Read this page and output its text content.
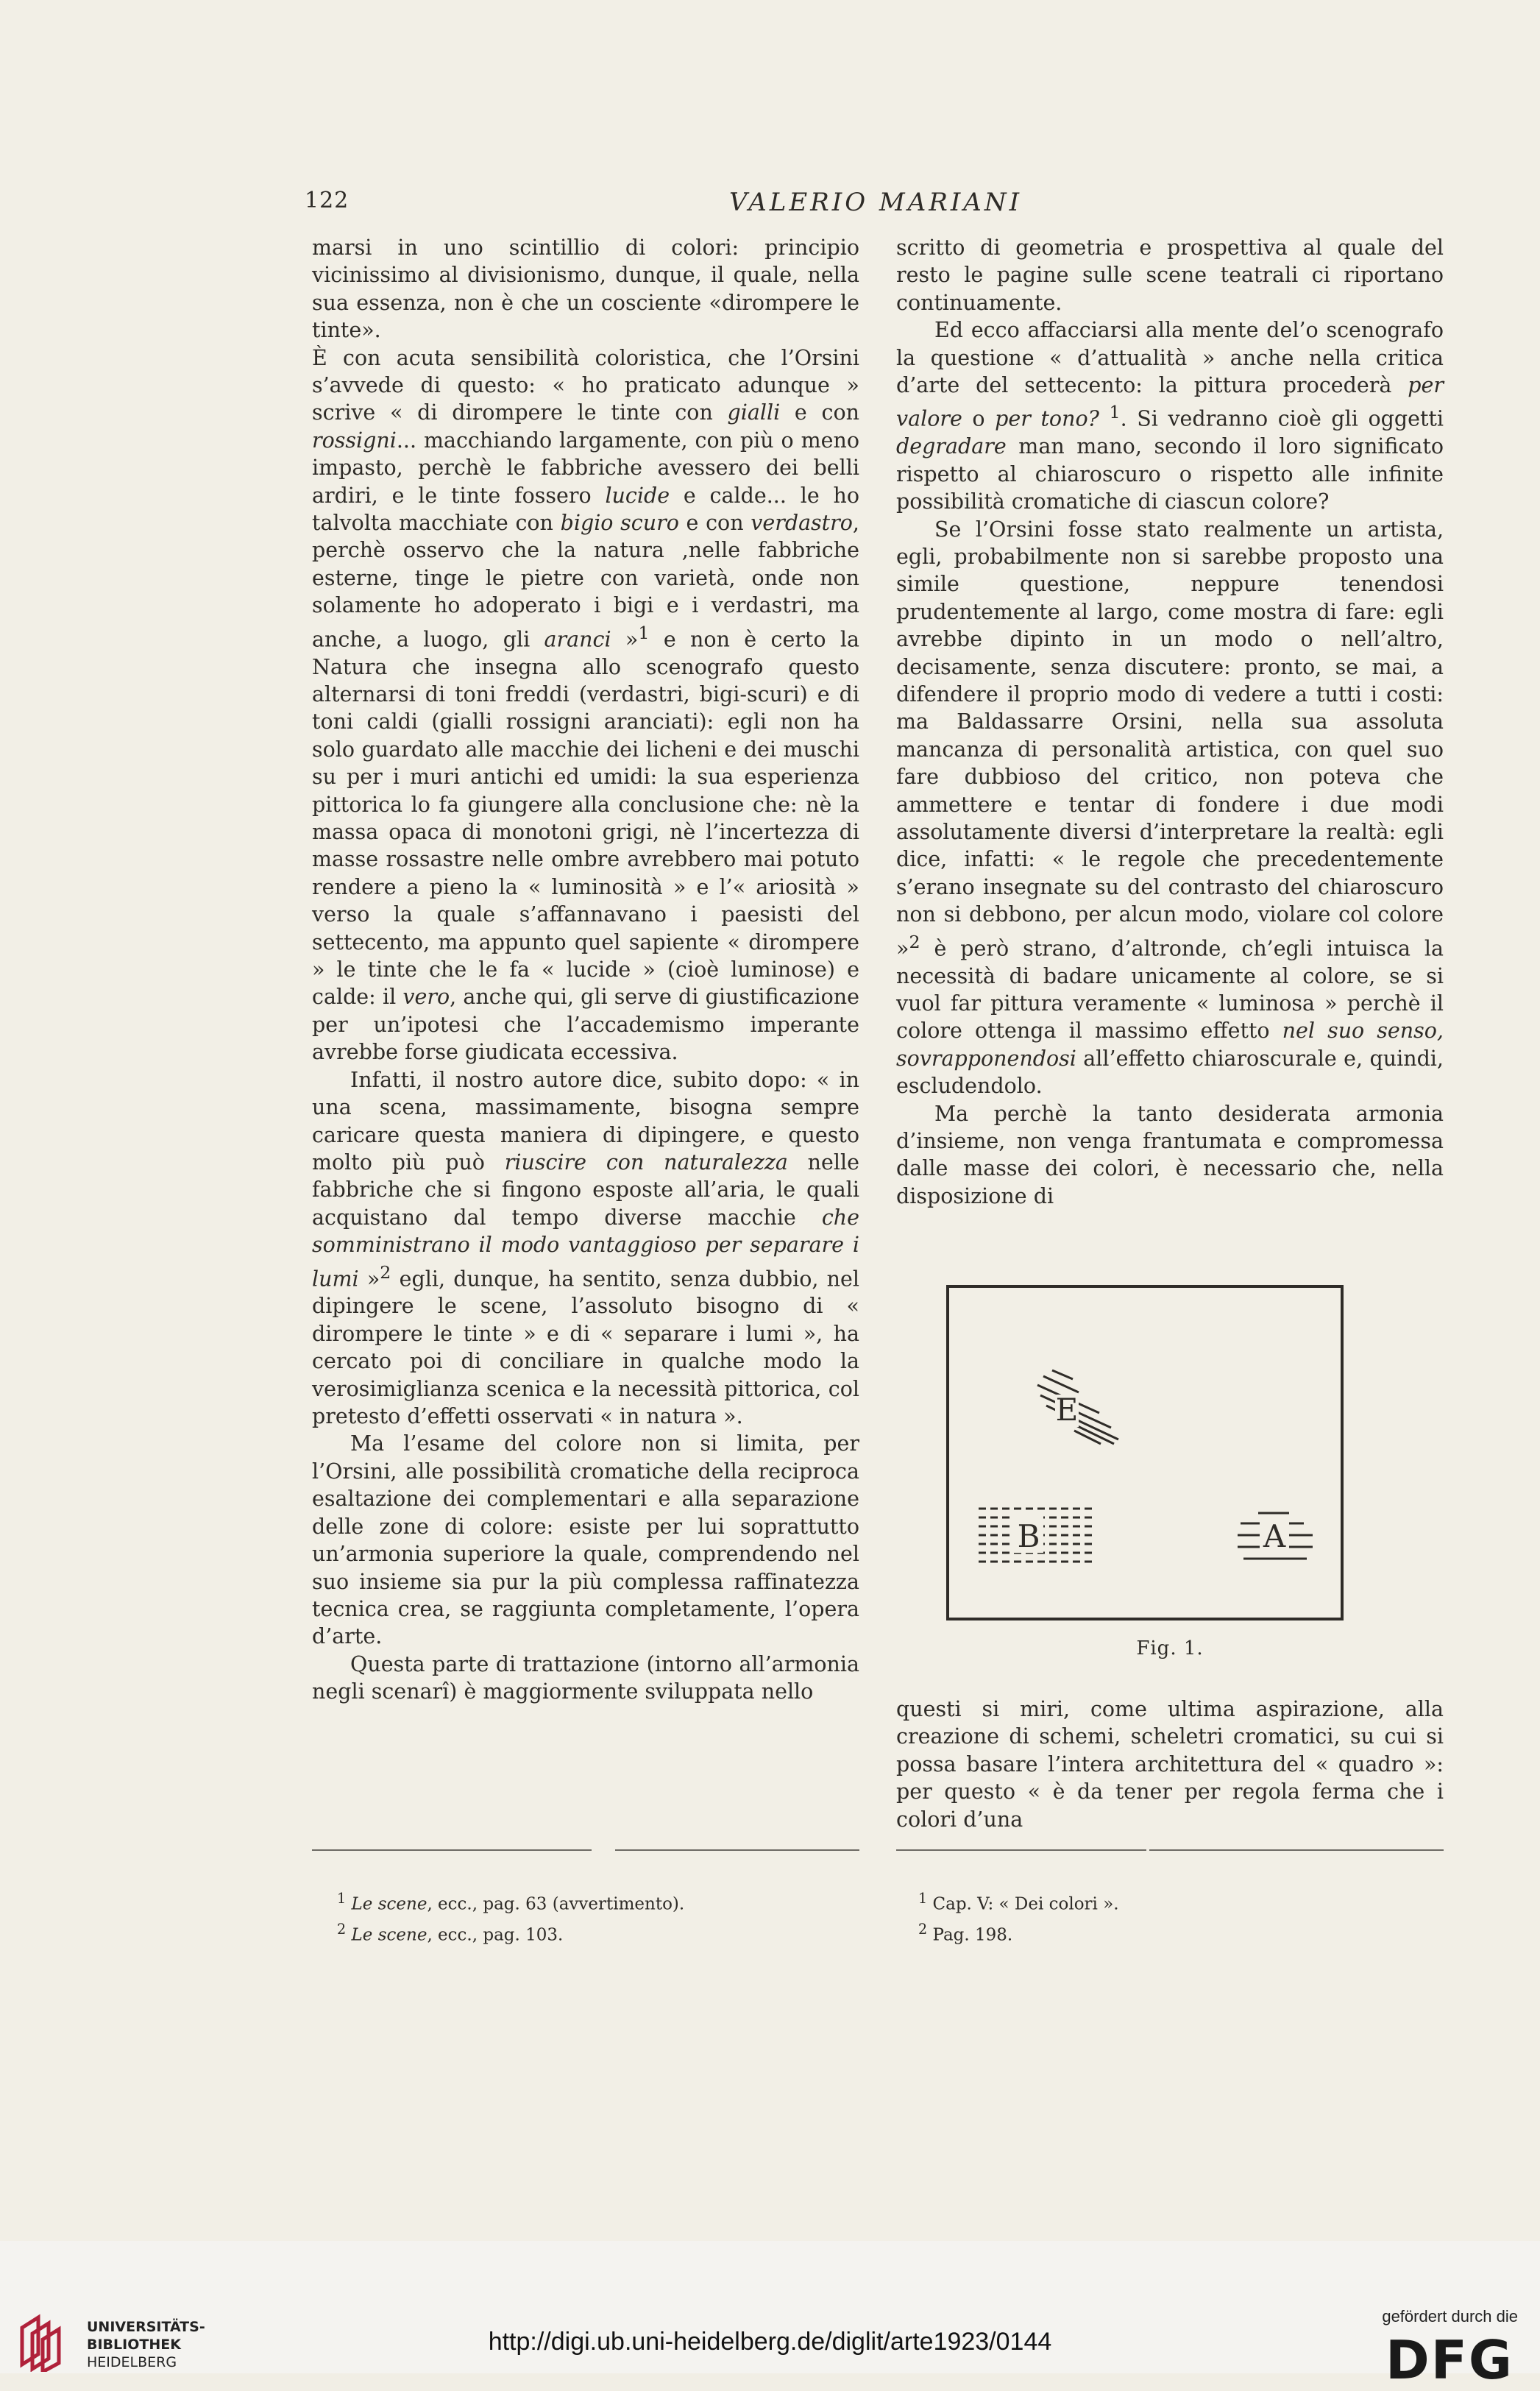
122	VALERIO MARIANI

marsi in uno scintillio di colori: principio vicinissimo al divisionismo, dunque, il quale, nella sua essenza, non è che un cosciente «dirompere le tinte».

È con acuta sensibilità coloristica, che l’Orsini s’avvede di questo: « ho praticato adunque » scrive « di dirompere le tinte con gialli e con rossigni... macchiando largamente, con più o meno impasto, perchè le fabbriche avessero dei belli ardiri, e le tinte fossero lucide e calde... le ho talvolta macchiate con bigio scuro e con verdastro, perchè osservo che la natura ,nelle fabbriche esterne, tinge le pietre con varietà, onde non solamente ho adoperato i bigi e i verdastri, ma anche, a luogo, gli aranci »$^1$ e non è certo la Natura che insegna allo scenografo questo alternarsi di toni freddi (verdastri, bigi-scuri) e di toni caldi (gialli rossigni aranciati): egli non ha solo guardato alle macchie dei licheni e dei muschi su per i muri antichi ed umidi: la sua esperienza pittorica lo fa giungere alla conclusione che: nè la massa opaca di monotoni grigi, nè l’incertezza di masse rossastre nelle ombre avrebbero mai potuto rendere a pieno la « luminosità » e l’« ariosità » verso la quale s’affannavano i paesisti del settecento, ma appunto quel sapiente « dirompere » le tinte che le fa « lucide » (cioè luminose) e calde: il vero, anche qui, gli serve di giustificazione per un’ipotesi che l’accademismo imperante avrebbe forse giudicata eccessiva.

Infatti, il nostro autore dice, subito dopo: « in una scena, massimamente, bisogna sempre caricare questa maniera di dipingere, e questo molto più può riuscire con naturalezza nelle fabbriche che si fingono esposte all’aria, le quali acquistano dal tempo diverse macchie che somministrano il modo vantaggioso per separare i lumi »$^2$ egli, dunque, ha sentito, senza dubbio, nel dipingere le scene, l’assoluto bisogno di « dirompere le tinte » e di « separare i lumi », ha cercato poi di conciliare in qualche modo la verosimiglianza scenica e la necessità pittorica, col pretesto d’effetti osservati « in natura ».

Ma l’esame del colore non si limita, per l’Orsini, alle possibilità cromatiche della reciproca esaltazione dei complementari e alla separazione delle zone di colore: esiste per lui soprattutto un’armonia superiore la quale, comprendendo nel suo insieme sia pur la più complessa raffinatezza tecnica crea, se raggiunta completamente, l’opera d’arte.

Questa parte di trattazione (intorno all’armonia negli scenarî) è maggiormente sviluppata nello

scritto di geometria e prospettiva al quale del resto le pagine sulle scene teatrali ci riportano continuamente.

Ed ecco affacciarsi alla mente del’o scenografo la questione « d’attualità » anche nella critica d’arte del settecento: la pittura procederà per valore o per tono? $^1$. Si vedranno cioè gli oggetti degradare man mano, secondo il loro significato rispetto al chiaroscuro o rispetto alle infinite possibilità cromatiche di ciascun colore?

Se l’Orsini fosse stato realmente un artista, egli, probabilmente non si sarebbe proposto una simile questione, neppure tenendosi prudentemente al largo, come mostra di fare: egli avrebbe dipinto in un modo o nell’altro, decisamente, senza discutere: pronto, se mai, a difendere il proprio modo di vedere a tutti i costi: ma Baldassarre Orsini, nella sua assoluta mancanza di personalità artistica, con quel suo fare dubbioso del critico, non poteva che ammettere e tentar di fondere i due modi assolutamente diversi d’interpretare la realtà: egli dice, infatti: « le regole che precedentemente s’erano insegnate su del contrasto del chiaroscuro non si debbono, per alcun modo, violare col colore »$^2$ è però strano, d’altronde, ch’egli intuisca la necessità di badare unicamente al colore, se si vuol far pittura veramente « luminosa » perchè il colore ottenga il massimo effetto nel suo senso, sovrapponendosi all’effetto chiaroscurale e, quindi, escludendolo.

Ma perchè la tanto desiderata armonia d’insieme, non venga frantumata e compromessa dalle masse dei colori, è necessario che, nella disposizione di

E
B	A
Fig. 1.

questi si miri, come ultima aspirazione, alla creazione di schemi, scheletri cromatici, su cui si possa basare l’intera architettura del « quadro »: per questo « è da tener per regola ferma che i colori d’una

$^1$ Le scene, ecc., pag. 63 (avvertimento).
$^2$ Le scene, ecc., pag. 103.
$^1$ Cap. V: « Dei colori ».
$^2$ Pag. 198.
UNIVERSITÄTS-
BIBLIOTHEK
HEIDELBERG
http://digi.ub.uni-heidelberg.de/diglit/arte1923/0144
gefördert durch die
DFG
